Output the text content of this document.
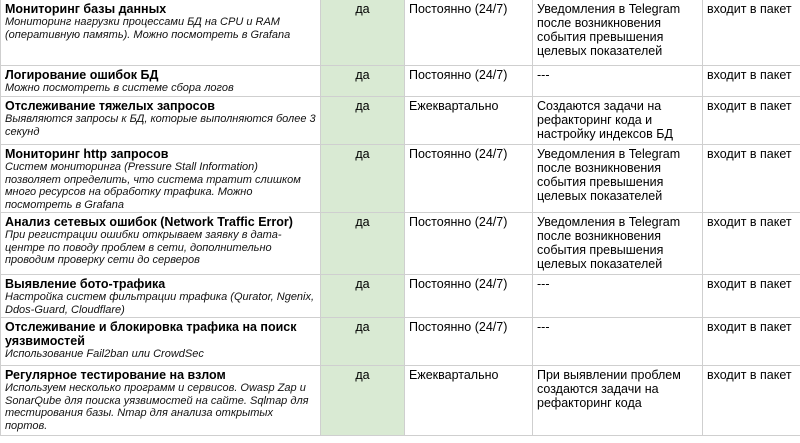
Мониторинг базы данных
Мониторинг нагрузки процессами БД на CPU и RAM (оперативную память). Можно посмотреть в Grafana	да	Постоянно (24/7)	Уведомления в Telegram после возникновения события превышения целевых показателей	входит в пакет

Логирование ошибок БД
Можно посмотреть в системе сбора логов	да	Постоянно (24/7)	---	входит в пакет

Отслеживание тяжелых запросов
Выявляются запросы к БД, которые выполняются более 3 секунд	да	Ежеквартально	Создаются задачи на рефакторинг кода и настройку индексов БД	входит в пакет

Мониторинг http запросов
Систем мониторинга (Pressure Stall Information) позволяет определить, что система тратит слишком много ресурсов на обработку трафика. Можно посмотреть в Grafana	да	Постоянно (24/7)	Уведомления в Telegram после возникновения события превышения целевых показателей	входит в пакет

Анализ сетевых ошибок (Network Traffic Error)
При регистрации ошибки открываем заявку в дата-центре по поводу проблем в сети, дополнительно проводим проверку сети до серверов	да	Постоянно (24/7)	Уведомления в Telegram после возникновения события превышения целевых показателей	входит в пакет

Выявление бото-трафика
Настройка систем фильтрации трафика (Qurator, Ngenix, Ddos-Guard, Cloudflare)	да	Постоянно (24/7)	---	входит в пакет

Отслеживание и блокировка трафика на поиск уязвимостей
Использование Fail2ban или CrowdSec	да	Постоянно (24/7)	---	входит в пакет

Регулярное тестирование на взлом
Используем несколько программ и сервисов. Owasp Zap и SonarQube для поиска уязвимостей на сайте. Sqlmap для тестирования базы. Nmap для анализа открытых портов.	да	Ежеквартально	При выявлении проблем создаются задачи на рефакторинг кода	входит в пакет
